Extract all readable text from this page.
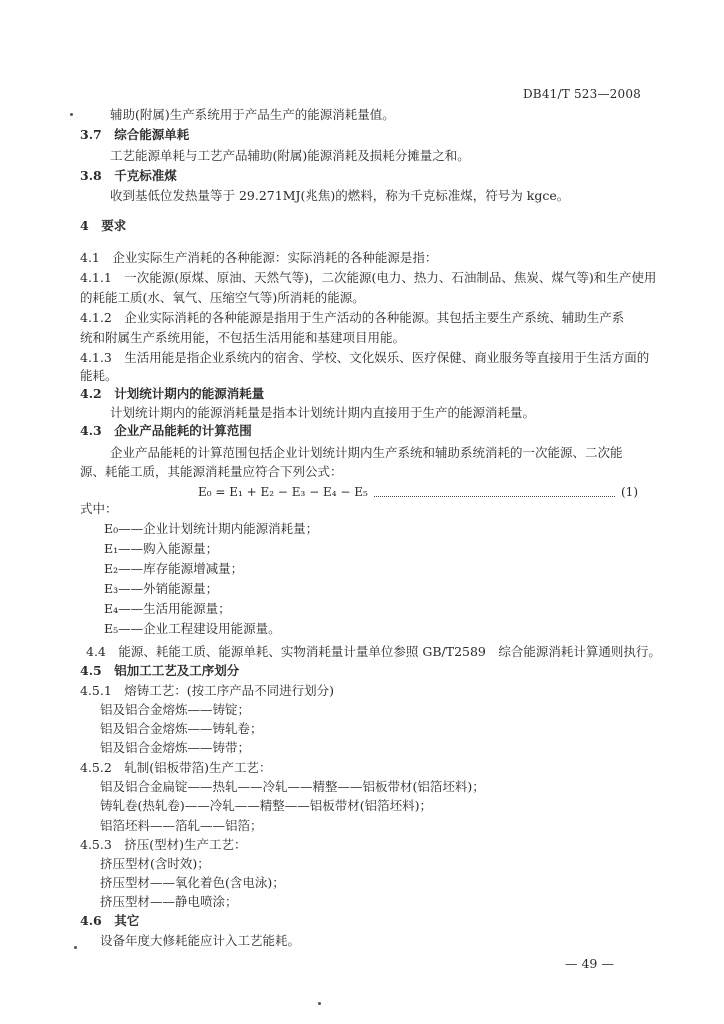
DB41/T 523—2008
辅助(附属)生产系统用于产品生产的能源消耗量值。
3.7　综合能源单耗
工艺能源单耗与工艺产品辅助(附属)能源消耗及损耗分摊量之和。
3.8　千克标准煤
收到基低位发热量等于 29.271MJ(兆焦)的燃料，称为千克标准煤，符号为 kgce。
4　要求
4.1　企业实际生产消耗的各种能源：实际消耗的各种能源是指：
4.1.1　一次能源(原煤、原油、天然气等)，二次能源(电力、热力、石油制品、焦炭、煤气等)和生产使用
的耗能工质(水、氧气、压缩空气等)所消耗的能源。
4.1.2　企业实际消耗的各种能源是指用于生产活动的各种能源。其包括主要生产系统、辅助生产系
统和附属生产系统用能，不包括生活用能和基建项目用能。
4.1.3　生活用能是指企业系统内的宿舍、学校、文化娱乐、医疗保健、商业服务等直接用于生活方面的
能耗。
4.2　计划统计期内的能源消耗量
计划统计期内的能源消耗量是指本计划统计期内直接用于生产的能源消耗量。
4.3　企业产品能耗的计算范围
企业产品能耗的计算范围包括企业计划统计期内生产系统和辅助系统消耗的一次能源、二次能
源、耗能工质，其能源消耗量应符合下列公式：
E₀ = E₁ + E₂ − E₃ − E₄ − E₅	(1)
式中：
E₀——企业计划统计期内能源消耗量；
E₁——购入能源量；
E₂——库存能源增减量；
E₃——外销能源量；
E₄——生活用能源量；
E₅——企业工程建设用能源量。
4.4　能源、耗能工质、能源单耗、实物消耗量计量单位参照 GB/T2589　综合能源消耗计算通则执行。
4.5　铝加工工艺及工序划分
4.5.1　熔铸工艺：(按工序产品不同进行划分)
铝及铝合金熔炼——铸锭；
铝及铝合金熔炼——铸轧卷；
铝及铝合金熔炼——铸带；
4.5.2　轧制(铝板带箔)生产工艺：
铝及铝合金扁锭——热轧——冷轧——精整——铝板带材(铝箔坯料)；
铸轧卷(热轧卷)——冷轧——精整——铝板带材(铝箔坯料)；
铝箔坯料——箔轧——铝箔；
4.5.3　挤压(型材)生产工艺：
挤压型材(含时效)；
挤压型材——氧化着色(含电泳)；
挤压型材——静电喷涂；
4.6　其它
设备年度大修耗能应计入工艺能耗。
— 49 —
